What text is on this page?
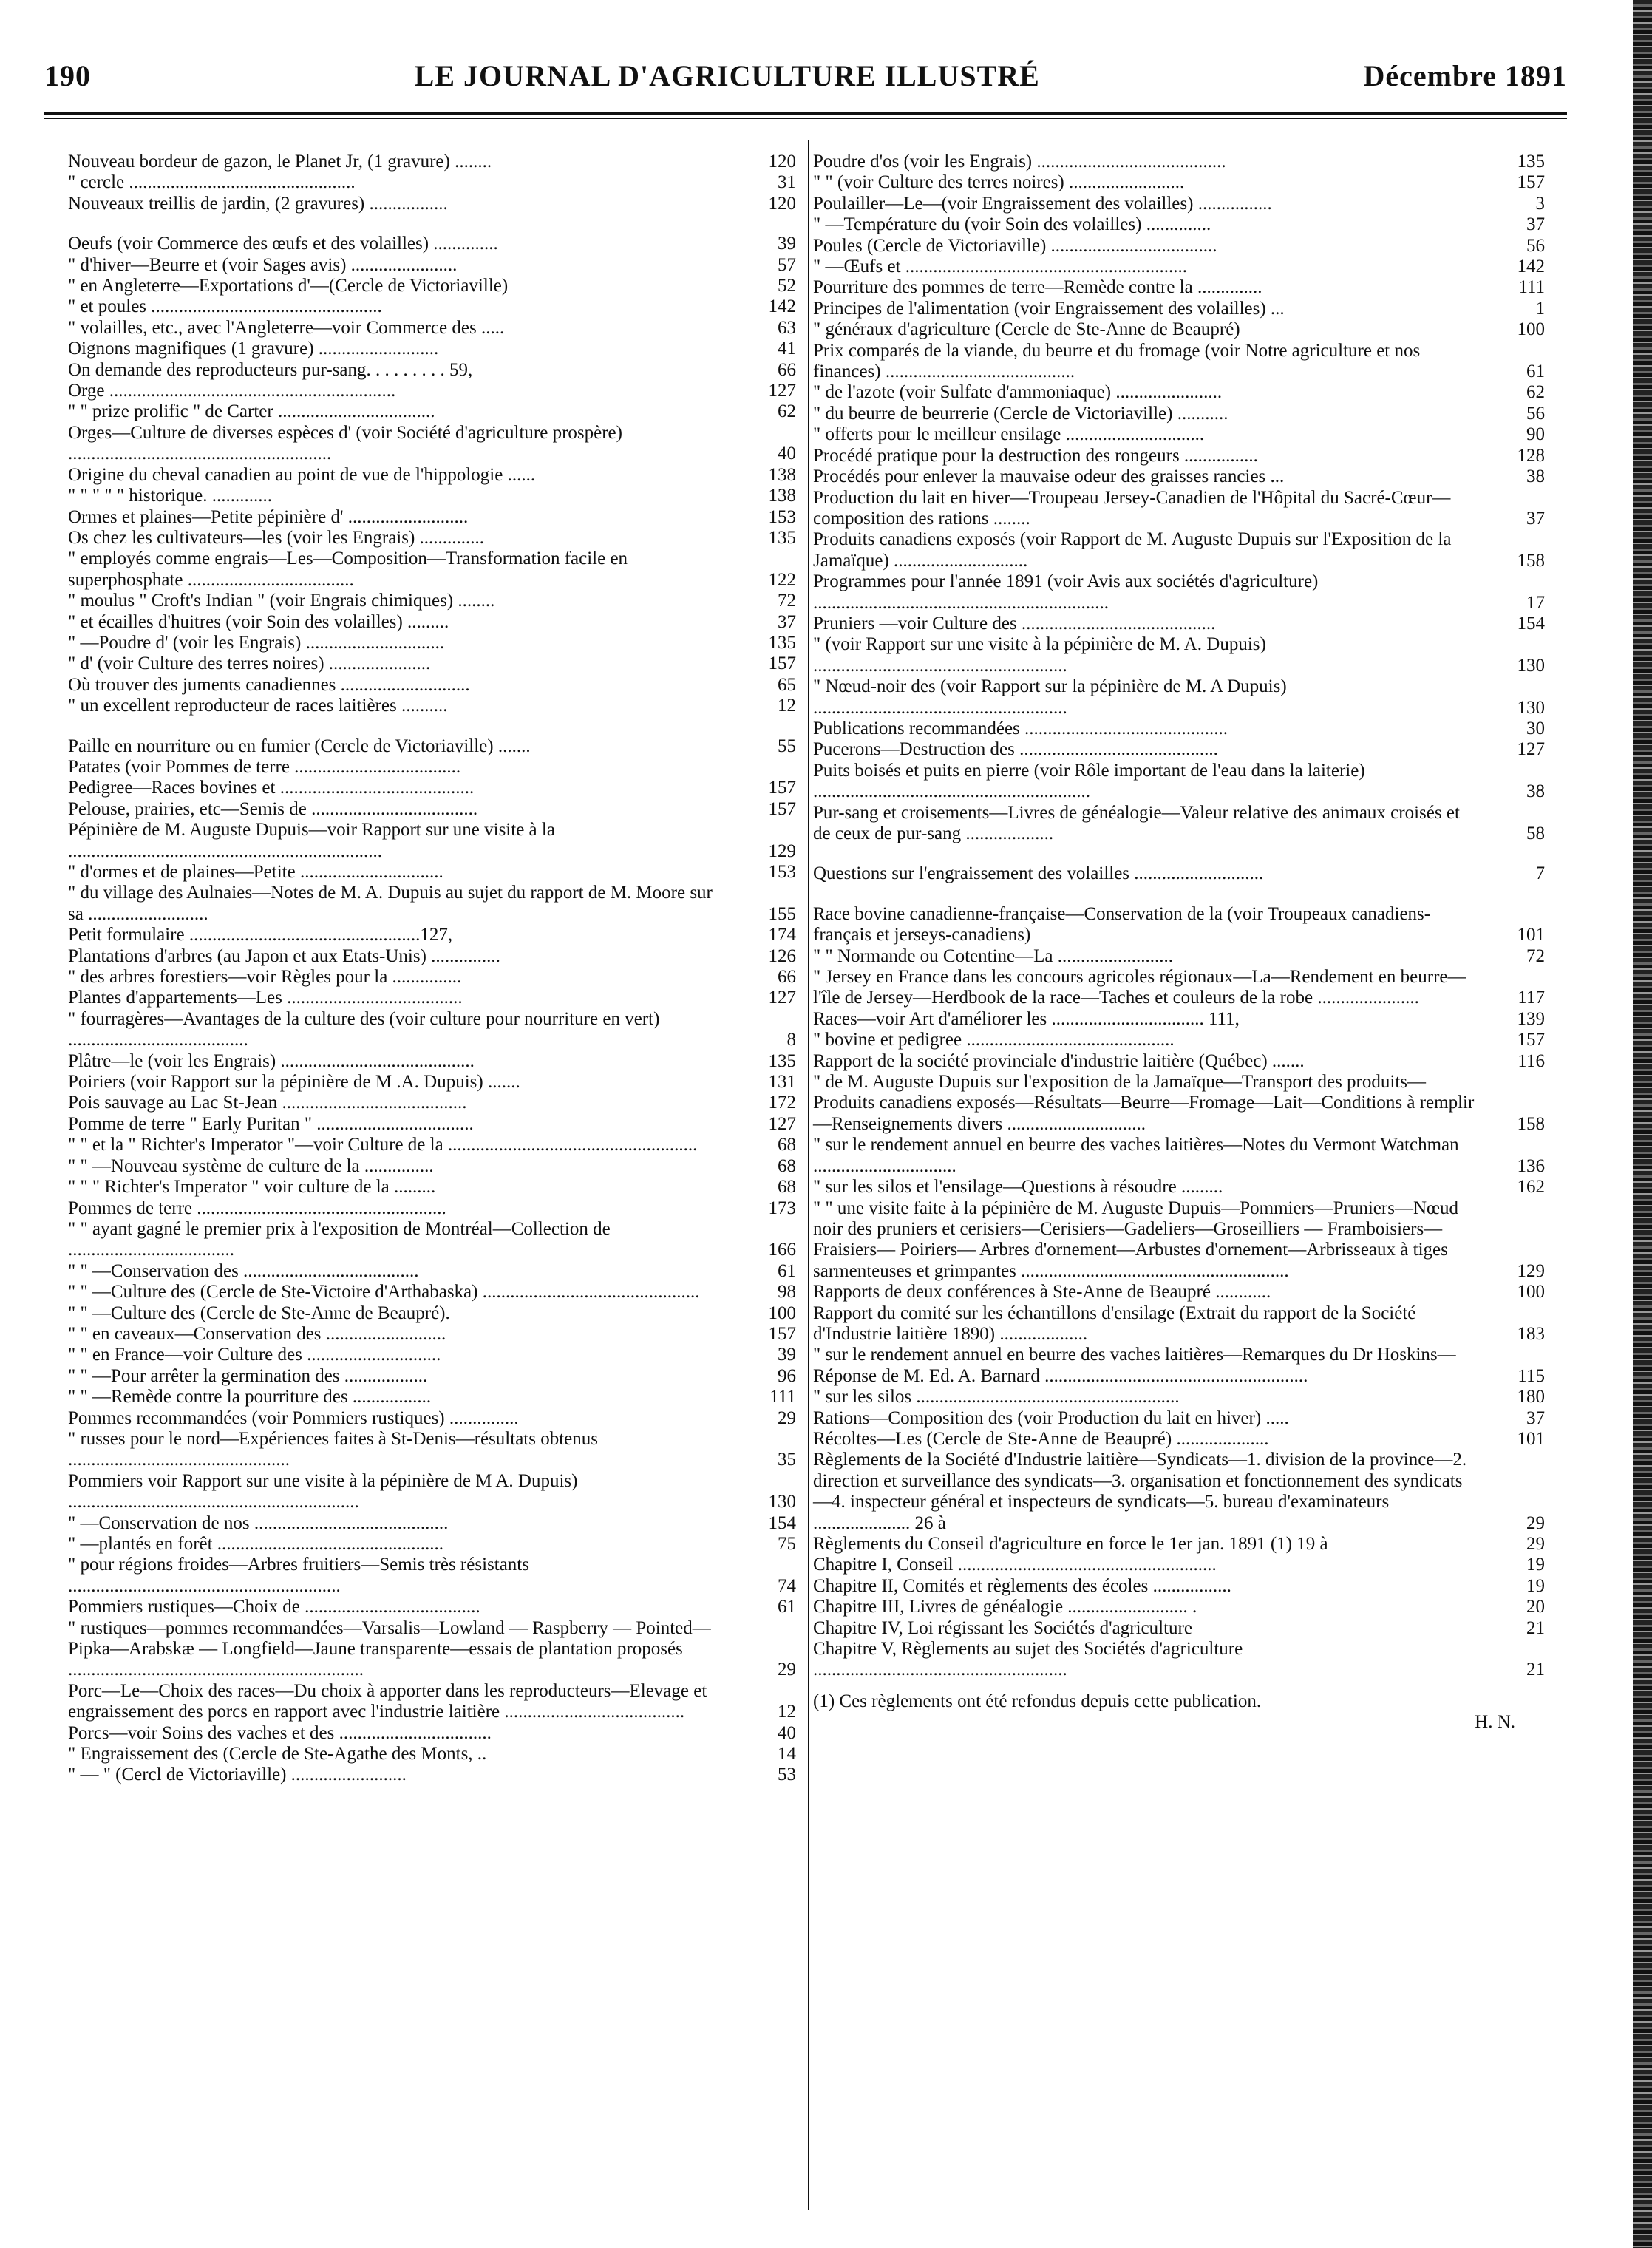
190	LE JOURNAL D'AGRICULTURE ILLUSTRÉ	Décembre 1891
Nouveau bordeur de gazon, le Planet Jr, (1 gravure) ........	120
" cercle .................................................	31
Nouveaux treillis de jardin, (2 gravures) .................	120
Oeufs (voir Commerce des œufs et des volailles) ..............	39
" d'hiver—Beurre et (voir Sages avis) .......................	57
" en Angleterre—Exportations d'—(Cercle de Victoriaville)	52
" et poules ..................................................	142
" volailles, etc., avec l'Angleterre—voir Commerce des .....	63
Oignons magnifiques (1 gravure) ..........................	41
On demande des reproducteurs pur-sang. . . . . . . . . 59,	66
Orge ..............................................................	127
" " prize prolific " de Carter ..................................	62
Orges—Culture de diverses espèces d' (voir Société d'agriculture prospère) .........................................................	40
Origine du cheval canadien au point de vue de l'hippologie ......	138
" " " " " historique. .............	138
Ormes et plaines—Petite pépinière d' ..........................	153
Os chez les cultivateurs—les (voir les Engrais) ..............	135
" employés comme engrais—Les—Composition—Transformation facile en superphosphate ....................................	122
" moulus " Croft's Indian " (voir Engrais chimiques) ........	72
" et écailles d'huitres (voir Soin des volailles) .........	37
" —Poudre d' (voir les Engrais) ..............................	135
" d' (voir Culture des terres noires) ......................	157
Où trouver des juments canadiennes ............................	65
" un excellent reproducteur de races laitières ..........	12
Paille en nourriture ou en fumier (Cercle de Victoriaville) .......	55
Patates (voir Pommes de terre ....................................
Pedigree—Races bovines et ..........................................	157
Pelouse, prairies, etc—Semis de ....................................	157
Pépinière de M. Auguste Dupuis—voir Rapport sur une visite à la ....................................................................	129
" d'ormes et de plaines—Petite ...............................	153
" du village des Aulnaies—Notes de M. A. Dupuis au sujet du rapport de M. Moore sur sa ..........................	155
Petit formulaire ..................................................127,	174
Plantations d'arbres (au Japon et aux Etats-Unis) ...............	126
" des arbres forestiers—voir Règles pour la ...............	66
Plantes d'appartements—Les ......................................	127
" fourragères—Avantages de la culture des (voir culture pour nourriture en vert) .......................................	8
Plâtre—le (voir les Engrais) ..........................................	135
Poiriers (voir Rapport sur la pépinière de M .A. Dupuis) .......	131
Pois sauvage au Lac St-Jean ........................................	172
Pomme de terre " Early Puritan " ..................................	127
" " et la " Richter's Imperator "—voir Culture de la ......................................................	68
" " —Nouveau système de culture de la ...............	68
" " " Richter's Imperator " voir culture de la .........	68
Pommes de terre ......................................................	173
" " ayant gagné le premier prix à l'exposition de Montréal—Collection de ....................................	166
" " —Conservation des ......................................	61
" " —Culture des (Cercle de Ste-Victoire d'Arthabaska) ...............................................	98
" " —Culture des (Cercle de Ste-Anne de Beaupré).	100
" " en caveaux—Conservation des ..........................	157
" " en France—voir Culture des .............................	39
" " —Pour arrêter la germination des ..................	96
" " —Remède contre la pourriture des .................	111
Pommes recommandées (voir Pommiers rustiques) ...............	29
" russes pour le nord—Expériences faites à St-Denis—résultats obtenus ................................................	35
Pommiers voir Rapport sur une visite à la pépinière de M A. Dupuis) ...............................................................	130
" —Conservation de nos ..........................................	154
" —plantés en forêt .................................................	75
" pour régions froides—Arbres fruitiers—Semis très résistants ...........................................................	74
Pommiers rustiques—Choix de ......................................	61
" rustiques—pommes recommandées—Varsalis—Lowland — Raspberry — Pointed—Pipka—Arabskæ — Longfield—Jaune transparente—essais de plantation proposés ................................................................	29
Porc—Le—Choix des races—Du choix à apporter dans les reproducteurs—Elevage et engraissement des porcs en rapport avec l'industrie laitière .......................................	12
Porcs—voir Soins des vaches et des .................................	40
" Engraissement des (Cercle de Ste-Agathe des Monts, ..	14
" — " (Cercl de Victoriaville) .........................	53
Poudre d'os (voir les Engrais) .........................................	135
" " (voir Culture des terres noires) .........................	157
Poulailler—Le—(voir Engraissement des volailles) ................	3
" —Température du (voir Soin des volailles) ..............	37
Poules (Cercle de Victoriaville) ....................................	56
" —Œufs et .............................................................	142
Pourriture des pommes de terre—Remède contre la ..............	111
Principes de l'alimentation (voir Engraissement des volailles) ...	1
" généraux d'agriculture (Cercle de Ste-Anne de Beaupré)	100
Prix comparés de la viande, du beurre et du fromage (voir Notre agriculture et nos finances) .........................................	61
" de l'azote (voir Sulfate d'ammoniaque) .......................	62
" du beurre de beurrerie (Cercle de Victoriaville) ...........	56
" offerts pour le meilleur ensilage ..............................	90
Procédé pratique pour la destruction des rongeurs ................	128
Procédés pour enlever la mauvaise odeur des graisses rancies ...	38
Production du lait en hiver—Troupeau Jersey-Canadien de l'Hôpital du Sacré-Cœur—composition des rations ........	37
Produits canadiens exposés (voir Rapport de M. Auguste Dupuis sur l'Exposition de la Jamaïque) .............................	158
Programmes pour l'année 1891 (voir Avis aux sociétés d'agriculture) ................................................................	17
Pruniers —voir Culture des ..........................................	154
" (voir Rapport sur une visite à la pépinière de M. A. Dupuis) .......................................................	130
" Nœud-noir des (voir Rapport sur la pépinière de M. A Dupuis) .......................................................	130
Publications recommandées ............................................	30
Pucerons—Destruction des ...........................................	127
Puits boisés et puits en pierre (voir Rôle important de l'eau dans la laiterie) ............................................................	38
Pur-sang et croisements—Livres de généalogie—Valeur relative des animaux croisés et de ceux de pur-sang ...................	58
Questions sur l'engraissement des volailles ............................	7
Race bovine canadienne-française—Conservation de la (voir Troupeaux canadiens-français et jerseys-canadiens)	101
" " Normande ou Cotentine—La .........................	72
" Jersey en France dans les concours agricoles régionaux—La—Rendement en beurre—l'île de Jersey—Herdbook de la race—Taches et couleurs de la robe ......................	117
Races—voir Art d'améliorer les ................................. 111,	139
" bovine et pedigree .............................................	157
Rapport de la société provinciale d'industrie laitière (Québec) .......	116
" de M. Auguste Dupuis sur l'exposition de la Jamaïque—Transport des produits—Produits canadiens exposés—Résultats—Beurre—Fromage—Lait—Conditions à remplir—Renseignements divers ..............................	158
" sur le rendement annuel en beurre des vaches laitières—Notes du Vermont Watchman ...............................	136
" sur les silos et l'ensilage—Questions à résoudre .........	162
" " une visite faite à la pépinière de M. Auguste Dupuis—Pommiers—Pruniers—Nœud noir des pruniers et cerisiers—Cerisiers—Gadeliers—Groseilliers — Framboisiers—Fraisiers— Poiriers— Arbres d'ornement—Arbustes d'ornement—Arbrisseaux à tiges sarmenteuses et grimpantes ..........................................................	129
Rapports de deux conférences à Ste-Anne de Beaupré ............	100
Rapport du comité sur les échantillons d'ensilage (Extrait du rapport de la Société d'Industrie laitière 1890) ...................	183
" sur le rendement annuel en beurre des vaches laitières—Remarques du Dr Hoskins—Réponse de M. Ed. A. Barnard .........................................................	115
" sur les silos .........................................................	180
Rations—Composition des (voir Production du lait en hiver) .....	37
Récoltes—Les (Cercle de Ste-Anne de Beaupré) ....................	101
Règlements de la Société d'Industrie laitière—Syndicats—1. division de la province—2. direction et surveillance des syndicats—3. organisation et fonctionnement des syndicats—4. inspecteur général et inspecteurs de syndicats—5. bureau d'examinateurs ..................... 26 à	29
Règlements du Conseil d'agriculture en force le 1er jan. 1891 (1) 19 à	29
Chapitre I, Conseil ........................................................	19
Chapitre II, Comités et règlements des écoles .................	19
Chapitre III, Livres de généalogie .......................... .	20
Chapitre IV, Loi régissant les Sociétés d'agriculture	21
Chapitre V, Règlements au sujet des Sociétés d'agriculture .......................................................	21
(1) Ces règlements ont été refondus depuis cette publication.
H. N.
